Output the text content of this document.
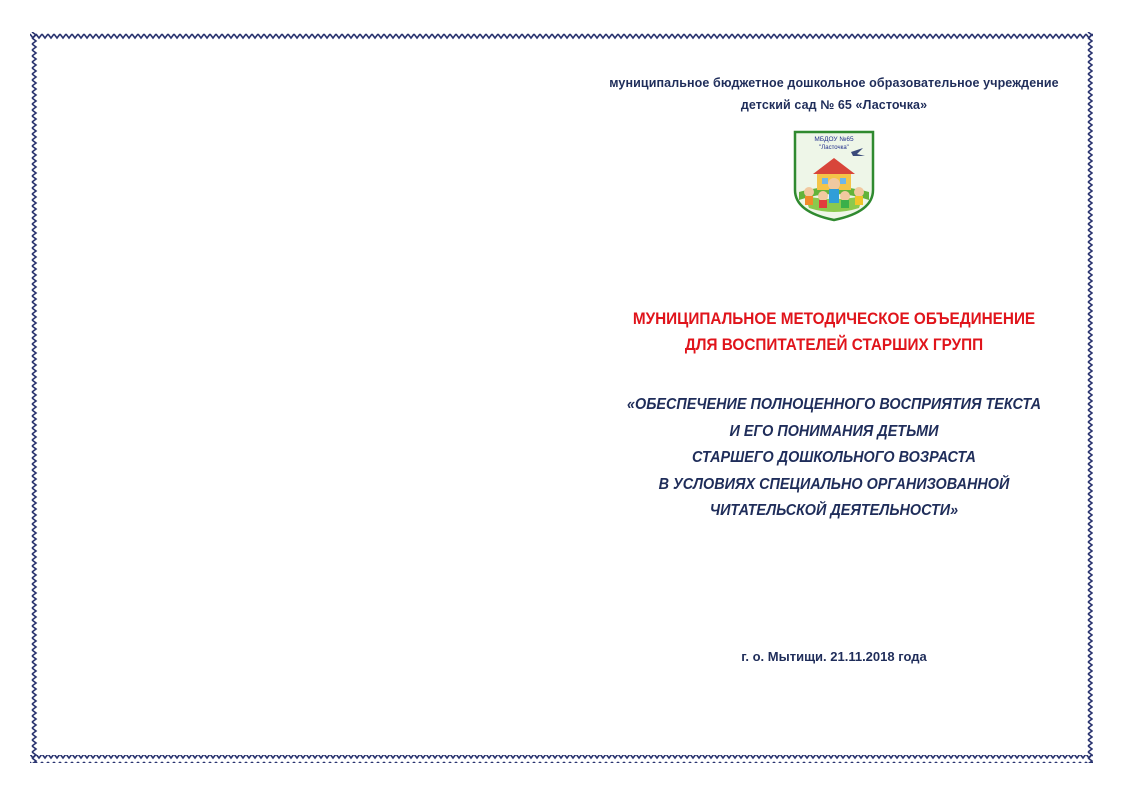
муниципальное бюджетное дошкольное образовательное учреждение
детский сад № 65 «Ласточка»
МБДОУ №65
"Ласточка"
МУНИЦИПАЛЬНОЕ МЕТОДИЧЕСКОЕ ОБЪЕДИНЕНИЕ
ДЛЯ ВОСПИТАТЕЛЕЙ СТАРШИХ ГРУПП
«ОБЕСПЕЧЕНИЕ ПОЛНОЦЕННОГО ВОСПРИЯТИЯ ТЕКСТА
И ЕГО ПОНИМАНИЯ ДЕТЬМИ
СТАРШЕГО ДОШКОЛЬНОГО ВОЗРАСТА
В УСЛОВИЯХ СПЕЦИАЛЬНО ОРГАНИЗОВАННОЙ
ЧИТАТЕЛЬСКОЙ ДЕЯТЕЛЬНОСТИ»
г. о. Мытищи. 21.11.2018 года
